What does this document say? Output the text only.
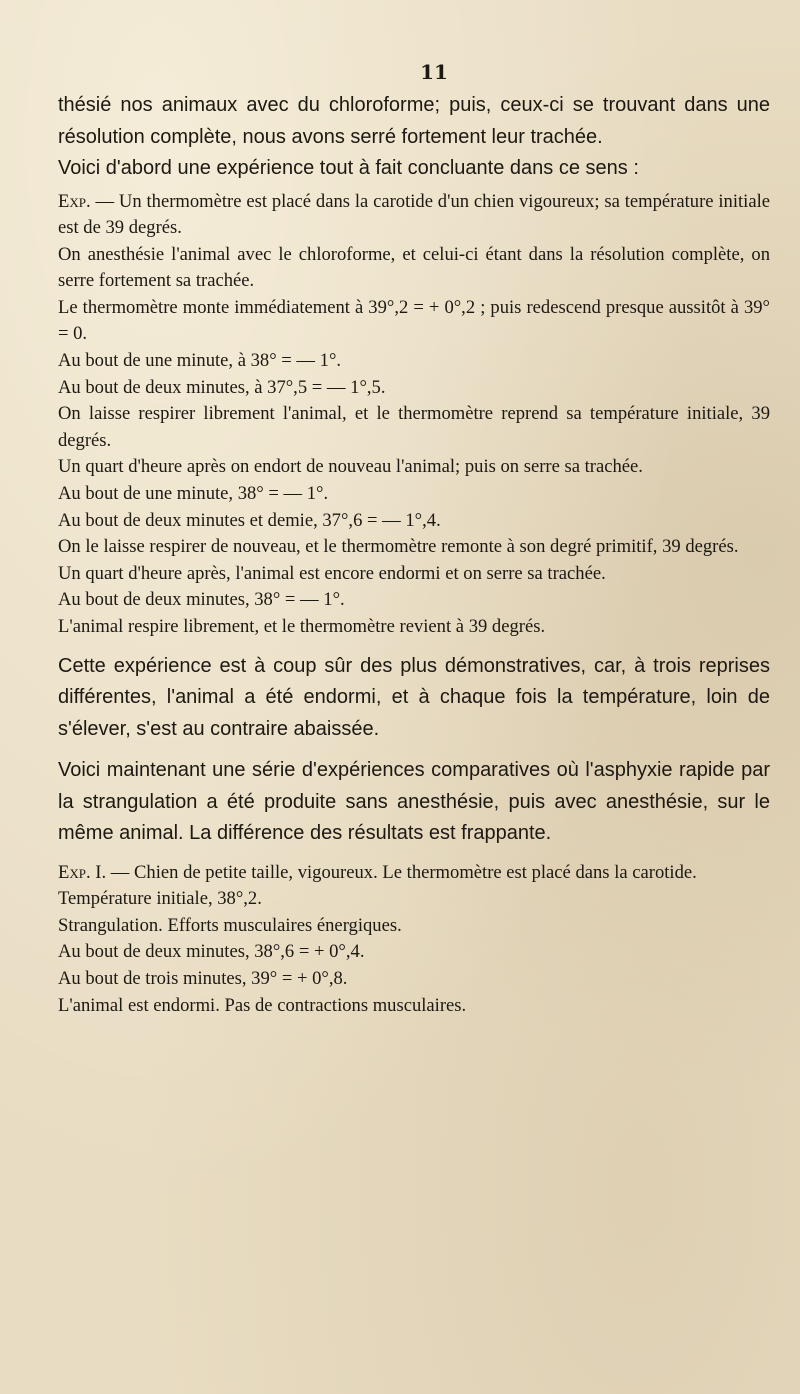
11

thésié nos animaux avec du chloroforme; puis, ceux-ci se trouvant dans une résolution complète, nous avons serré fortement leur trachée.

Voici d'abord une expérience tout à fait concluante dans ce sens :

Exp. — Un thermomètre est placé dans la carotide d'un chien vigoureux; sa température initiale est de 39 degrés.

On anesthésie l'animal avec le chloroforme, et celui-ci étant dans la résolution complète, on serre fortement sa trachée.

Le thermomètre monte immédiatement à 39°,2 = + 0°,2 ; puis redescend presque aussitôt à 39° = 0.

Au bout de une minute, à 38° = — 1°.

Au bout de deux minutes, à 37°,5 = — 1°,5.

On laisse respirer librement l'animal, et le thermomètre reprend sa température initiale, 39 degrés.

Un quart d'heure après on endort de nouveau l'animal; puis on serre sa trachée.

Au bout de une minute, 38° = — 1°.

Au bout de deux minutes et demie, 37°,6 = — 1°,4.

On le laisse respirer de nouveau, et le thermomètre remonte à son degré primitif, 39 degrés.

Un quart d'heure après, l'animal est encore endormi et on serre sa trachée.

Au bout de deux minutes, 38° = — 1°.

L'animal respire librement, et le thermomètre revient à 39 degrés.

Cette expérience est à coup sûr des plus démonstratives, car, à trois reprises différentes, l'animal a été endormi, et à chaque fois la température, loin de s'élever, s'est au contraire abaissée.

Voici maintenant une série d'expériences comparatives où l'asphyxie rapide par la strangulation a été produite sans anesthésie, puis avec anesthésie, sur le même animal. La différence des résultats est frappante.

Exp. I. — Chien de petite taille, vigoureux. Le thermomètre est placé dans la carotide.

Température initiale, 38°,2.

Strangulation. Efforts musculaires énergiques.

Au bout de deux minutes, 38°,6 = + 0°,4.

Au bout de trois minutes, 39° = + 0°,8.

L'animal est endormi. Pas de contractions musculaires.
